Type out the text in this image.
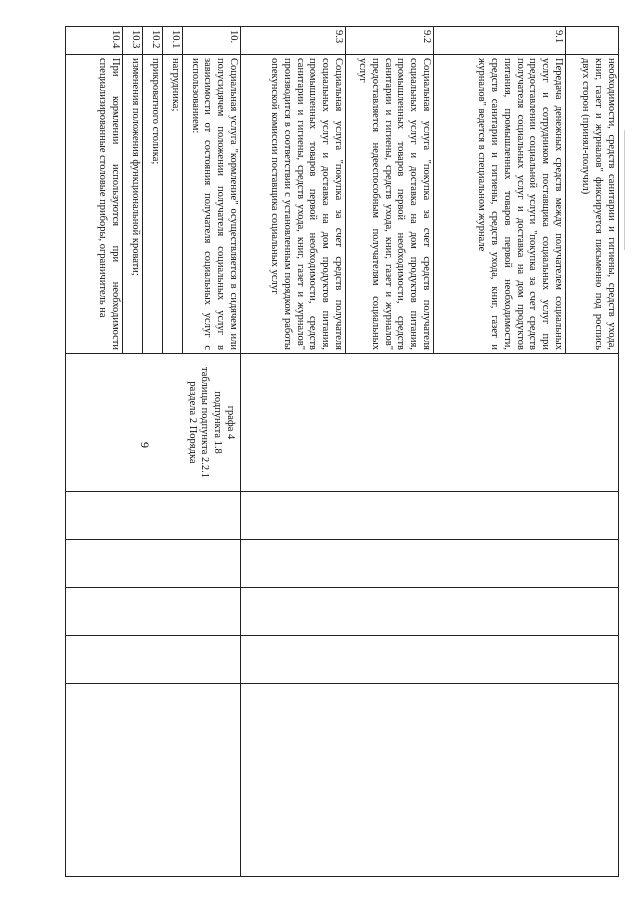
9
	необходимости, средств санитарии и гигиены, средств ухода, книг, газет и журналов" фиксируется письменно под роспись двух сторон (принял-получил)						
9.1	Передача денежных средств между получателем социальных услуг и сотрудником поставщика социальных услуг при предоставлении социальной услуги "покупка за счет средств получателя социальных услуг и доставка на дом продуктов питания, промышленных товаров первой необходимости, средств санитарии и гигиены, средств ухода, книг, газет и журналов" ведется в специальном журнале						
9.2	Социальная услуга "покупка за счет средств получателя социальных услуг и доставка на дом продуктов питания, промышленных товаров первой необходимости, средств санитарии и гигиены, средств ухода, книг, газет и журналов" предоставляется недееспособным получателям социальных услуг						
9.3	Социальная услуга "покупка за счет средств получателя социальных услуг и доставка на дом продуктов питания, промышленных товаров первой необходимости, средств санитарии и гигиены, средств ухода, книг, газет и журналов" производится в соответствии с установленным порядком работы опекунской комиссии поставщика социальных услуг						
10.	Социальная услуга "кормление" осуществляется в сидячем или полусидячем положении получателя социальных услуг в зависимости от состояния получателя социальных услуг с использованием:	графа 4
подпункта 1.8
таблицы подпункта 2.2.1
раздела 2 Порядка					
10.1	нагрудника;						
10.2	прикроватного столика;						
10.3	изменения положения функциональной кровати;						
10.4	При кормлении используются при необходимости специализированные столовые приборы, ограничитель на						
